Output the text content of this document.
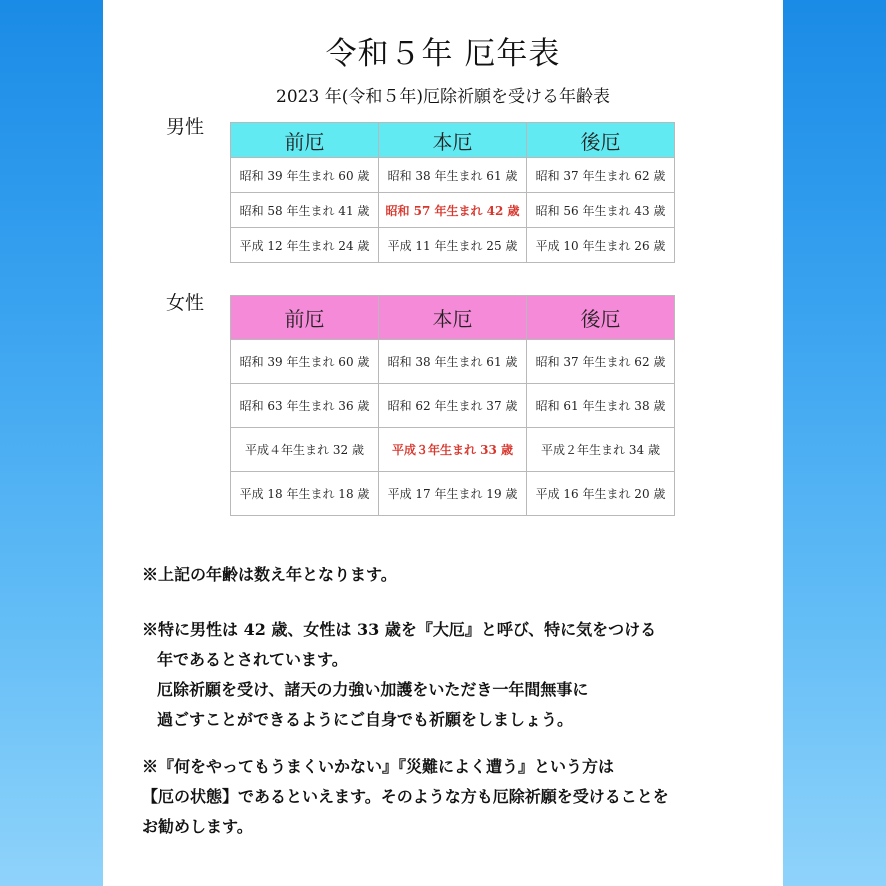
令和５年 厄年表
2023 年(令和５年)厄除祈願を受ける年齢表
男性
前厄	本厄	後厄
昭和 39 年生まれ 60 歳	昭和 38 年生まれ 61 歳	昭和 37 年生まれ 62 歳
昭和 58 年生まれ 41 歳	昭和 57 年生まれ 42 歳	昭和 56 年生まれ 43 歳
平成 12 年生まれ 24 歳	平成 11 年生まれ 25 歳	平成 10 年生まれ 26 歳
女性
前厄	本厄	後厄
昭和 39 年生まれ 60 歳	昭和 38 年生まれ 61 歳	昭和 37 年生まれ 62 歳
昭和 63 年生まれ 36 歳	昭和 62 年生まれ 37 歳	昭和 61 年生まれ 38 歳
平成４年生まれ 32 歳	平成３年生まれ 33 歳	平成２年生まれ 34 歳
平成 18 年生まれ 18 歳	平成 17 年生まれ 19 歳	平成 16 年生まれ 20 歳
※上記の年齢は数え年となります。
※特に男性は 42 歳、女性は 33 歳を『大厄』と呼び、特に気をつける
年であるとされています。
厄除祈願を受け、諸天の力強い加護をいただき一年間無事に
過ごすことができるようにご自身でも祈願をしましょう。
※『何をやってもうまくいかない』『災難によく遭う』という方は
【厄の状態】であるといえます。そのような方も厄除祈願を受けることを
お勧めします。
